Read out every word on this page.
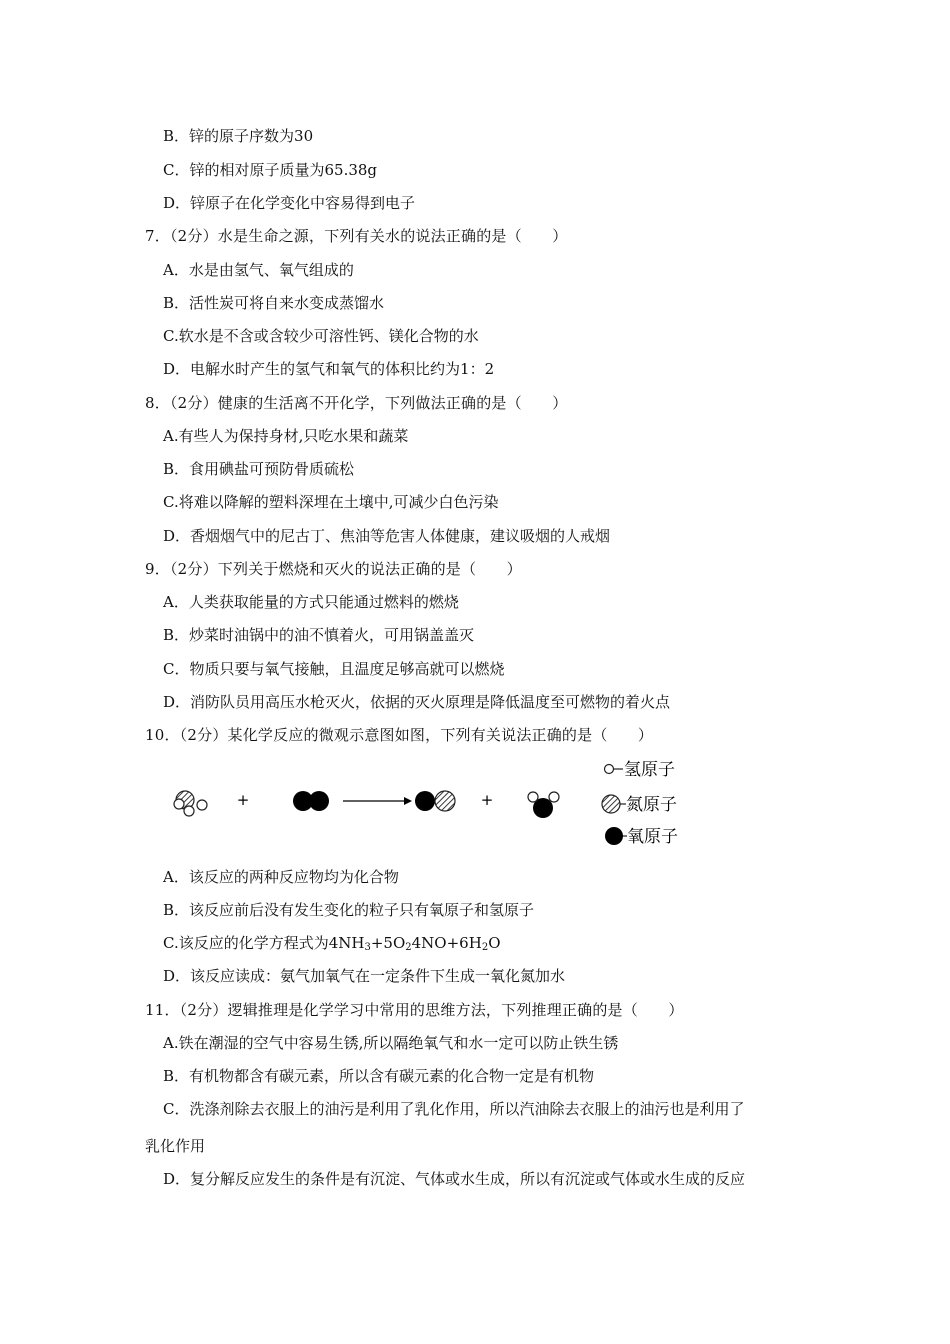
B．锌的原子序数为30
C．锌的相对原子质量为65.38g
D．锌原子在化学变化中容易得到电子
7．（2分）水是生命之源，下列有关水的说法正确的是（　　）
A．水是由氢气、氧气组成的
B．活性炭可将自来水变成蒸馏水
C.软水是不含或含较少可溶性钙、镁化合物的水
D．电解水时产生的氢气和氧气的体积比约为1：2
8．（2分）健康的生活离不开化学，下列做法正确的是（　　）
A.有些人为保持身材,只吃水果和蔬菜
B．食用碘盐可预防骨质硫松
C.将难以降解的塑料深埋在土壤中,可减少白色污染
D．香烟烟气中的尼古丁、焦油等危害人体健康，建议吸烟的人戒烟
9．（2分）下列关于燃烧和灭火的说法正确的是（　　）
A．人类获取能量的方式只能通过燃料的燃烧
B．炒菜时油锅中的油不慎着火，可用锅盖盖灭
C．物质只要与氧气接触，且温度足够高就可以燃烧
D．消防队员用高压水枪灭火，依据的灭火原理是降低温度至可燃物的着火点
10．（2分）某化学反应的微观示意图如图，下列有关说法正确的是（　　）
+	+
氢原子
氮原子
氧原子
A．该反应的两种反应物均为化合物
B．该反应前后没有发生变化的粒子只有氧原子和氢原子
C.该反应的化学方程式为$4NH_3+5O_24NO+6H_2O$
D．该反应读成：氨气加氧气在一定条件下生成一氧化氮加水
11．（2分）逻辑推理是化学学习中常用的思维方法，下列推理正确的是（　　）
A.铁在潮湿的空气中容易生锈,所以隔绝氧气和水一定可以防止铁生锈
B．有机物都含有碳元素，所以含有碳元素的化合物一定是有机物
C．洗涤剂除去衣服上的油污是利用了乳化作用，所以汽油除去衣服上的油污也是利用了
乳化作用
D．复分解反应发生的条件是有沉淀、气体或水生成，所以有沉淀或气体或水生成的反应
